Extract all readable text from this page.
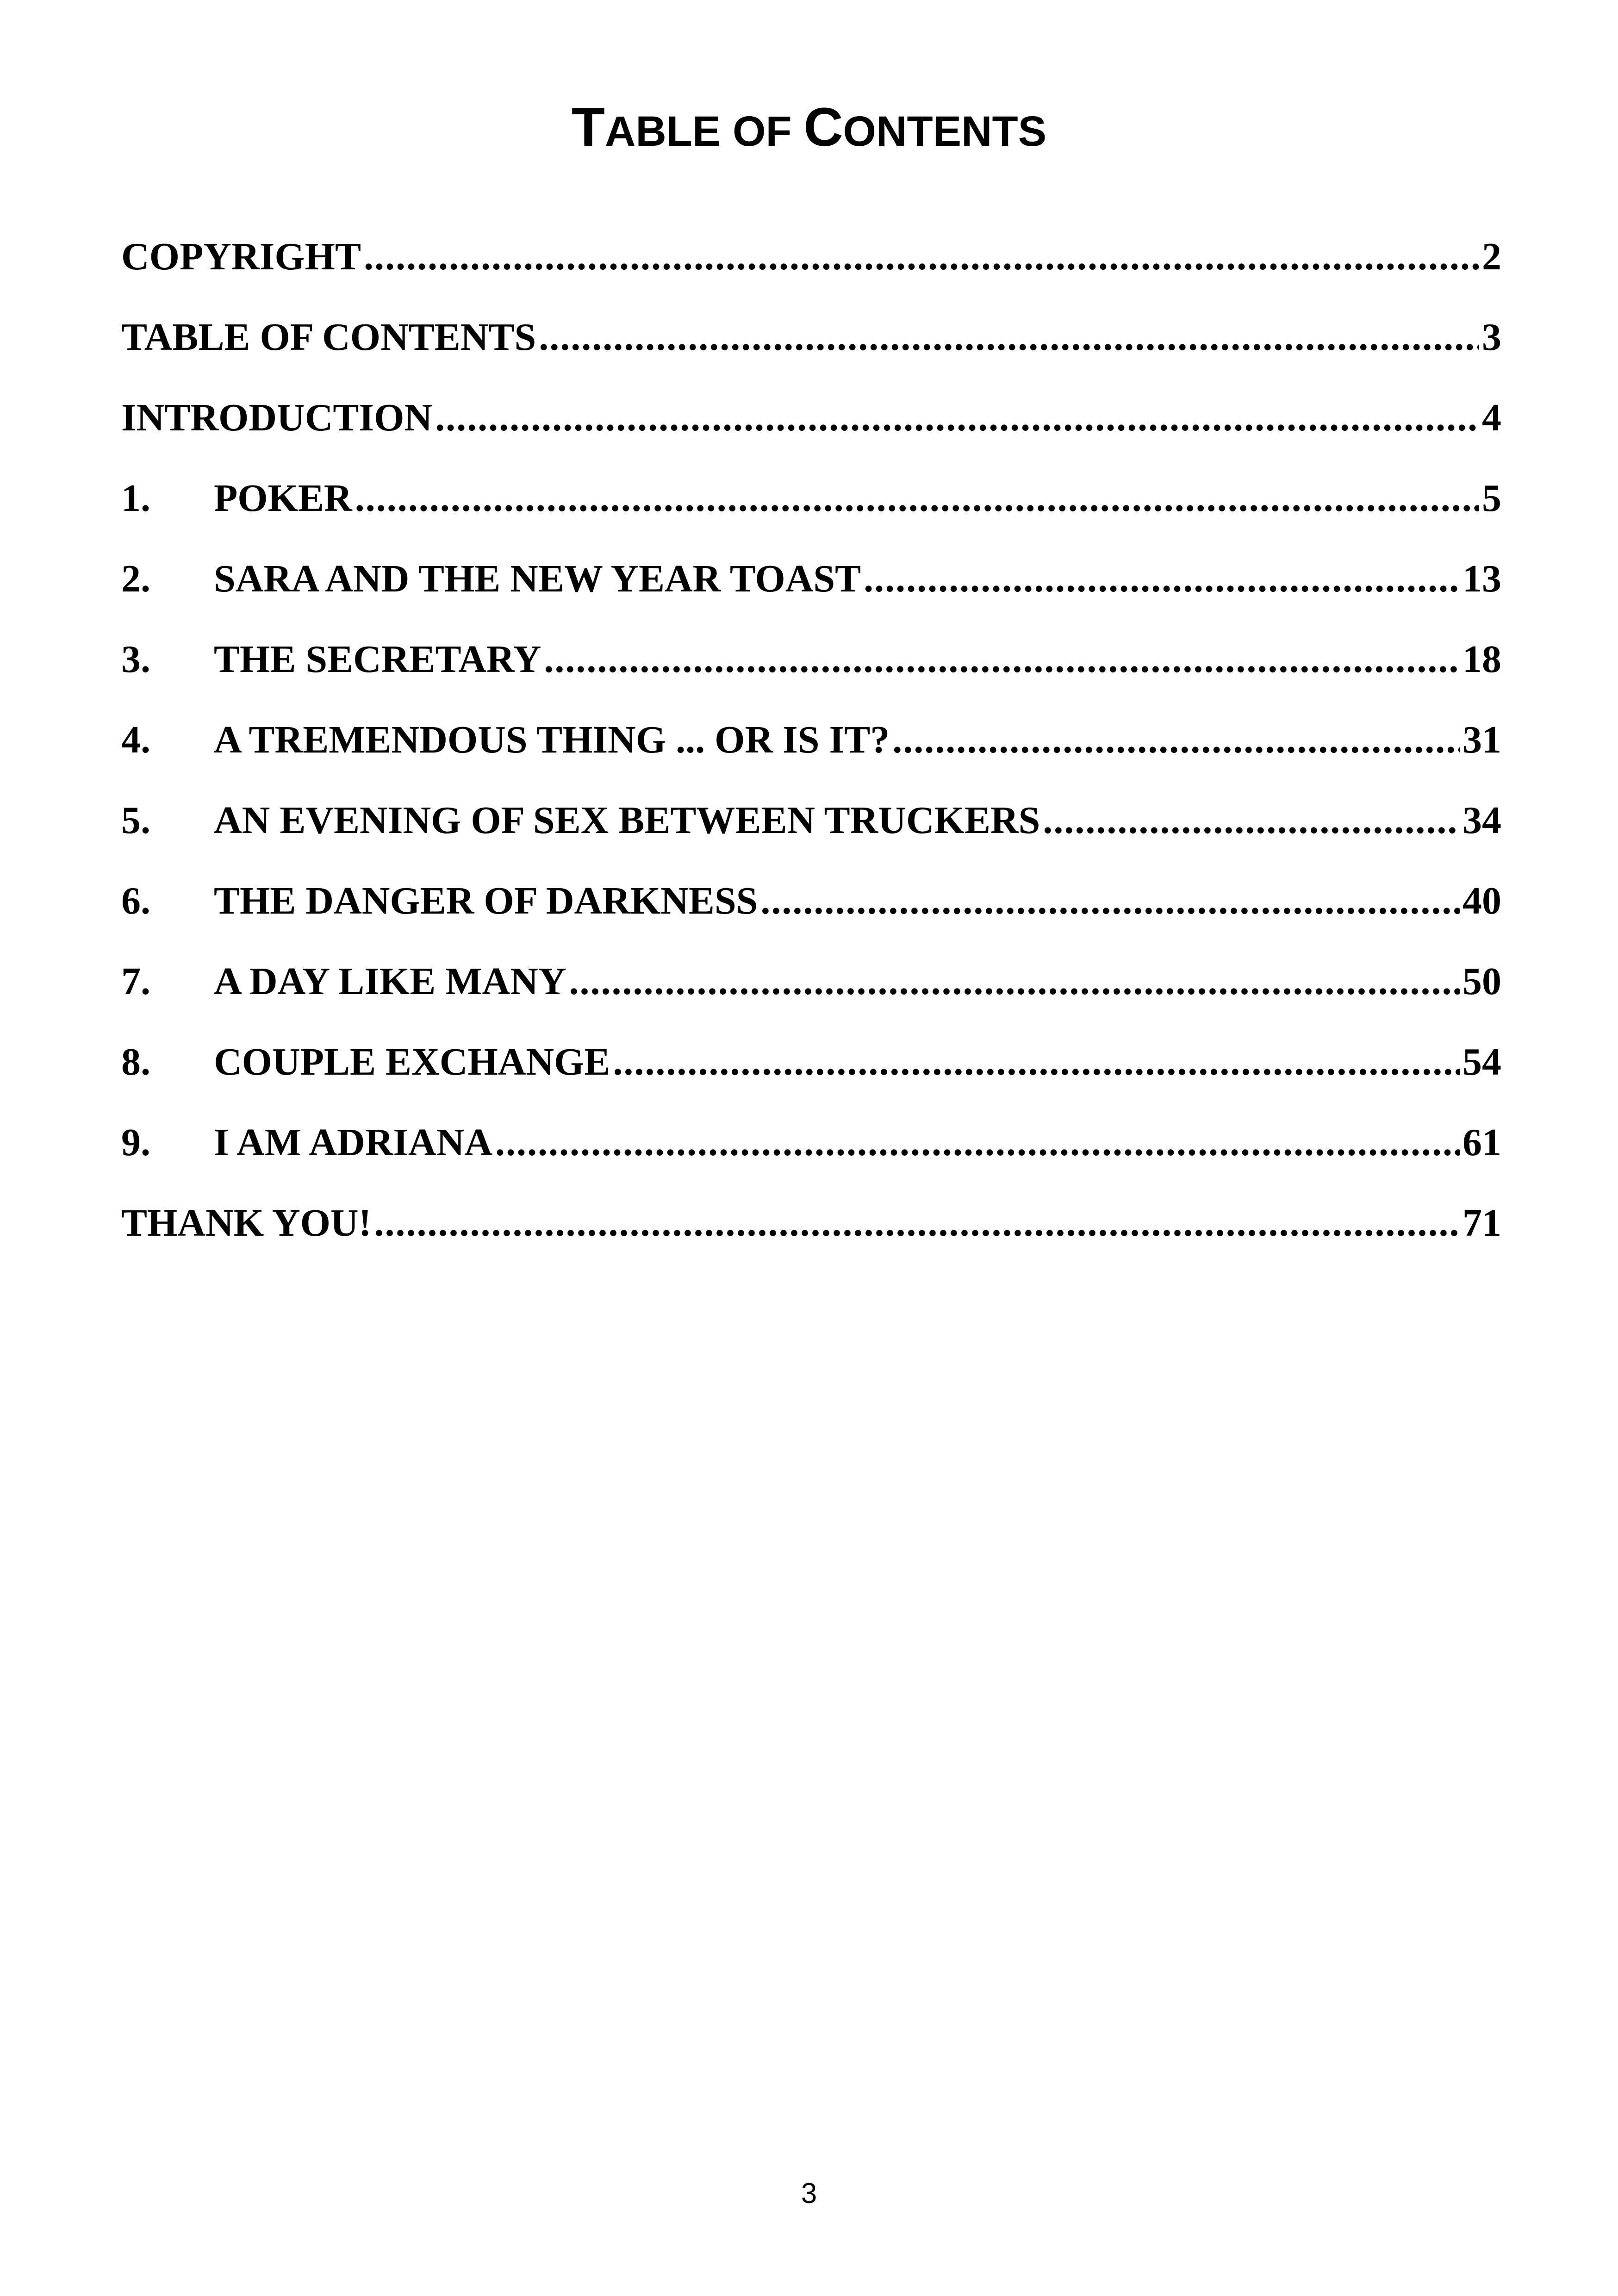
TABLE OF CONTENTS
COPYRIGHT .....	2
TABLE OF CONTENTS .....	3
INTRODUCTION .....	4
1.	POKER .....	5
2.	SARA AND THE NEW YEAR TOAST .....	13
3.	THE SECRETARY .....	18
4.	A TREMENDOUS THING ... OR IS IT? .....	31
5.	AN EVENING OF SEX BETWEEN TRUCKERS .....	34
6.	THE DANGER OF DARKNESS .....	40
7.	A DAY LIKE MANY .....	50
8.	COUPLE EXCHANGE .....	54
9.	I AM ADRIANA .....	61
THANK YOU! .....	71
3
